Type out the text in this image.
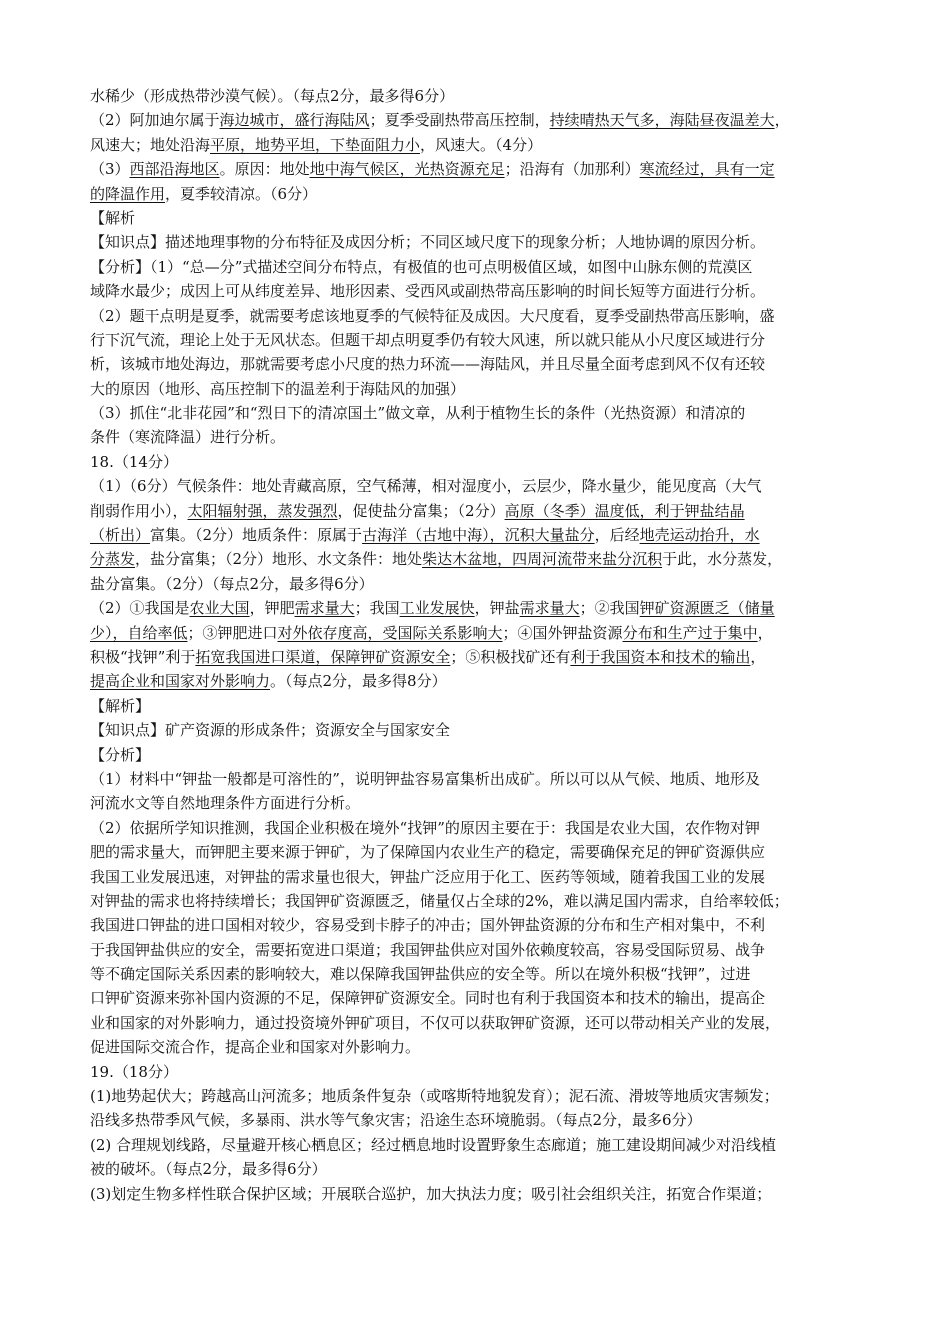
水稀少（形成热带沙漠气候）。（每点2分，最多得6分）
（2）阿加迪尔属于海边城市，盛行海陆风；夏季受副热带高压控制，持续晴热天气多，海陆昼夜温差大，
风速大；地处沿海平原，地势平坦，下垫面阻力小，风速大。（4分）
（3）西部沿海地区。原因：地处地中海气候区，光热资源充足；沿海有（加那利）寒流经过，具有一定
的降温作用，夏季较清凉。（6分）
【解析
【知识点】描述地理事物的分布特征及成因分析；不同区域尺度下的现象分析；人地协调的原因分析。
【分析】（1）“总—分”式描述空间分布特点，有极值的也可点明极值区域，如图中山脉东侧的荒漠区
域降水最少；成因上可从纬度差异、地形因素、受西风或副热带高压影响的时间长短等方面进行分析。
（2）题干点明是夏季，就需要考虑该地夏季的气候特征及成因。大尺度看，夏季受副热带高压影响，盛
行下沉气流，理论上处于无风状态。但题干却点明夏季仍有较大风速，所以就只能从小尺度区域进行分
析，该城市地处海边，那就需要考虑小尺度的热力环流——海陆风，并且尽量全面考虑到风不仅有还较
大的原因（地形、高压控制下的温差利于海陆风的加强）
（3）抓住“北非花园”和“烈日下的清凉国土”做文章，从利于植物生长的条件（光热资源）和清凉的
条件（寒流降温）进行分析。
18.（14分）
（1）（6分）气候条件：地处青藏高原，空气稀薄，相对湿度小，云层少，降水量少，能见度高（大气
削弱作用小），太阳辐射强，蒸发强烈，促使盐分富集；（2分）高原（冬季）温度低，利于钾盐结晶
（析出）富集。（2分）地质条件：原属于古海洋（古地中海），沉积大量盐分，后经地壳运动抬升，水
分蒸发，盐分富集；（2分）地形、水文条件：地处柴达木盆地，四周河流带来盐分沉积于此，水分蒸发，
盐分富集。（2分）（每点2分，最多得6分）
（2）①我国是农业大国，钾肥需求量大；我国工业发展快，钾盐需求量大；②我国钾矿资源匮乏（储量
少），自给率低；③钾肥进口对外依存度高，受国际关系影响大；④国外钾盐资源分布和生产过于集中，
积极“找钾”利于拓宽我国进口渠道，保障钾矿资源安全；⑤积极找矿还有利于我国资本和技术的输出，
提高企业和国家对外影响力。（每点2分，最多得8分）
【解析】
【知识点】矿产资源的形成条件；资源安全与国家安全
【分析】
（1）材料中“钾盐一般都是可溶性的”，说明钾盐容易富集析出成矿。所以可以从气候、地质、地形及
河流水文等自然地理条件方面进行分析。
（2）依据所学知识推测，我国企业积极在境外“找钾”的原因主要在于：我国是农业大国，农作物对钾
肥的需求量大，而钾肥主要来源于钾矿，为了保障国内农业生产的稳定，需要确保充足的钾矿资源供应
我国工业发展迅速，对钾盐的需求量也很大，钾盐广泛应用于化工、医药等领域，随着我国工业的发展
对钾盐的需求也将持续增长；我国钾矿资源匮乏，储量仅占全球的2%，难以满足国内需求，自给率较低；
我国进口钾盐的进口国相对较少，容易受到卡脖子的冲击；国外钾盐资源的分布和生产相对集中，不利
于我国钾盐供应的安全，需要拓宽进口渠道；我国钾盐供应对国外依赖度较高，容易受国际贸易、战争
等不确定国际关系因素的影响较大，难以保障我国钾盐供应的安全等。所以在境外积极“找钾”，过进
口钾矿资源来弥补国内资源的不足，保障钾矿资源安全。同时也有利于我国资本和技术的输出，提高企
业和国家的对外影响力，通过投资境外钾矿项目，不仅可以获取钾矿资源，还可以带动相关产业的发展，
促进国际交流合作，提高企业和国家对外影响力。
19.（18分）
(1)地势起伏大；跨越高山河流多；地质条件复杂（或喀斯特地貌发育）；泥石流、滑坡等地质灾害频发；
沿线多热带季风气候，多暴雨、洪水等气象灾害；沿途生态环境脆弱。（每点2分，最多6分）
(2) 合理规划线路，尽量避开核心栖息区；经过栖息地时设置野象生态廊道；施工建设期间减少对沿线植
被的破坏。（每点2分，最多得6分）
(3)划定生物多样性联合保护区域；开展联合巡护，加大执法力度；吸引社会组织关注，拓宽合作渠道；
